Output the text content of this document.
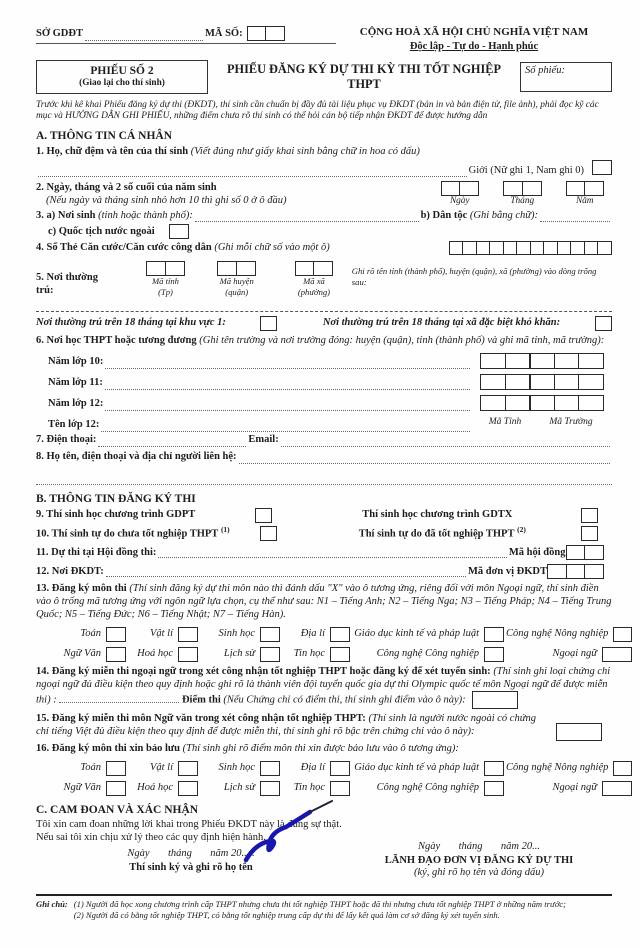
SỞ GDĐT	MÃ SỐ:	CỘNG HOÀ XÃ HỘI CHỦ NGHĨA VIỆT NAM
Độc lập - Tự do - Hạnh phúc
PHIẾU SỐ 2
(Giao lại cho thí sinh)
PHIẾU ĐĂNG KÝ DỰ THI KỲ THI TỐT NGHIỆP THPT
Số phiếu:
Trước khi kê khai Phiếu đăng ký dự thi (ĐKDT), thí sinh cần chuẩn bị đầy đủ tài liệu phục vụ ĐKDT (bản in và bản điện tử, file ảnh), phải đọc kỹ các mục và HƯỚNG DẪN GHI PHIẾU, những điểm chưa rõ thí sinh có thể hỏi cán bộ tiếp nhận ĐKDT để được hướng dẫn
A. THÔNG TIN CÁ NHÂN
1. Họ, chữ đệm và tên của thí sinh (Viết đúng như giấy khai sinh bằng chữ in hoa có dấu)
Giới (Nữ ghi 1, Nam ghi 0)
2. Ngày, tháng và 2 số cuối của năm sinh
(Nếu ngày và tháng sinh nhỏ hơn 10 thì ghi số 0 ở ô đầu)	Ngày	Tháng	Năm
3. a) Nơi sinh
(tỉnh hoặc thành phố):	b) Dân tộc
(Ghi bằng chữ):
c) Quốc tịch nước ngoài
4. Số Thẻ Căn cước/Căn cước công dân
(Ghi mỗi chữ số vào một ô)
5. Nơi thường trú:
Mã tỉnh (Tp)
Mã huyện (quận)
Mã xã (phường)
Ghi rõ tên tỉnh (thành phố), huyện (quận), xã (phường) vào dòng trống sau:
Nơi thường trú trên 18 tháng tại khu vực 1:	Nơi thường trú trên 18 tháng tại xã đặc biệt khó khăn:
6. Nơi học THPT hoặc tương đương (Ghi tên trường và nơi trường đóng: huyện (quận), tỉnh (thành phố) và ghi mã tỉnh, mã trường):
Năm lớp 10:
Năm lớp 11:
Năm lớp 12:
Tên lớp 12:

	Mã Tỉnh	Mã Trường
7. Điện thoại:	Email:
8. Họ tên, điện thoại và địa chỉ người liên hệ:
B. THÔNG TIN ĐĂNG KÝ THI
9. Thí sinh học chương trình GDPT	Thí sinh học chương trình GDTX
10. Thí sinh tự do chưa tốt nghiệp THPT $^{(1)}$	Thí sinh tự do đã tốt nghiệp THPT $^{(2)}$
11. Dự thi tại Hội đồng thi:	Mã hội đồng
12. Nơi ĐKDT:	Mã đơn vị ĐKDT
13. Đăng ký môn thi (Thí sinh đăng ký dự thi môn nào thì đánh dấu "X" vào ô tương ứng, riêng đối với môn Ngoại ngữ, thí sinh điền vào ô trống mã tương ứng với ngôn ngữ lựa chọn, cụ thể như sau: N1 – Tiếng Anh; N2 – Tiếng Nga; N3 – Tiếng Pháp; N4 – Tiếng Trung Quốc; N5 – Tiếng Đức; N6 – Tiếng Nhật; N7 – Tiếng Hàn).
Toán	Vật lí	Sinh học	Địa lí	Giáo dục kinh tế và pháp luật	Công nghệ Nông nghiệp
Ngữ Văn	Hoá học	Lịch sử	Tin học	Công nghệ Công nghiệp	Ngoại ngữ
14. Đăng ký miễn thi ngoại ngữ trong xét công nhận tốt nghiệp THPT hoặc đăng ký để xét tuyển sinh: (Thí sinh ghi loại chứng chỉ ngoại ngữ đủ điều kiện theo quy định hoặc ghi rõ là thành viên đội tuyển quốc gia dự thi Olympic quốc tế môn Ngoại ngữ để được miễn thi) :	Điểm thi (Nếu Chứng chỉ có điểm thi, thí sinh ghi điểm vào ô này):
15. Đăng ký miễn thi môn Ngữ văn trong xét công nhận tốt nghiệp THPT: (Thí sinh là người nước ngoài có chứng chỉ tiếng Việt đủ điều kiện theo quy định để được miễn thi, thí sinh ghi rõ bậc trên chứng chỉ vào ô này):
16. Đăng ký môn thi xin bảo lưu (Thí sinh ghi rõ điểm môn thi xin được bảo lưu vào ô tương ứng):
Toán	Vật lí	Sinh học	Địa lí	Giáo dục kinh tế và pháp luật	Công nghệ Nông nghiệp
Ngữ Văn	Hoá học	Lịch sử	Tin học	Công nghệ Công nghiệp	Ngoại ngữ
C. CAM ĐOAN VÀ XÁC NHẬN
Tôi xin cam đoan những lời khai trong Phiếu ĐKDT này là đúng sự thật. Nếu sai tôi xin chịu xử lý theo các quy định hiện hành.
Ngày       tháng       năm 20.....
Thí sinh ký và ghi rõ họ tên
Ngày       tháng       năm 20...
LÃNH ĐẠO ĐƠN VỊ ĐĂNG KÝ DỰ THI
(ký, ghi rõ họ tên và đóng dấu)
Ghi chú: (1) Người đã học xong chương trình cấp THPT nhưng chưa thi tốt nghiệp THPT hoặc đã thi nhưng chưa tốt nghiệp THPT ở những năm trước;
(2) Người đã có bằng tốt nghiệp THPT, có bằng tốt nghiệp trung cấp dự thi để lấy kết quả làm cơ sở đăng ký xét tuyển sinh.
